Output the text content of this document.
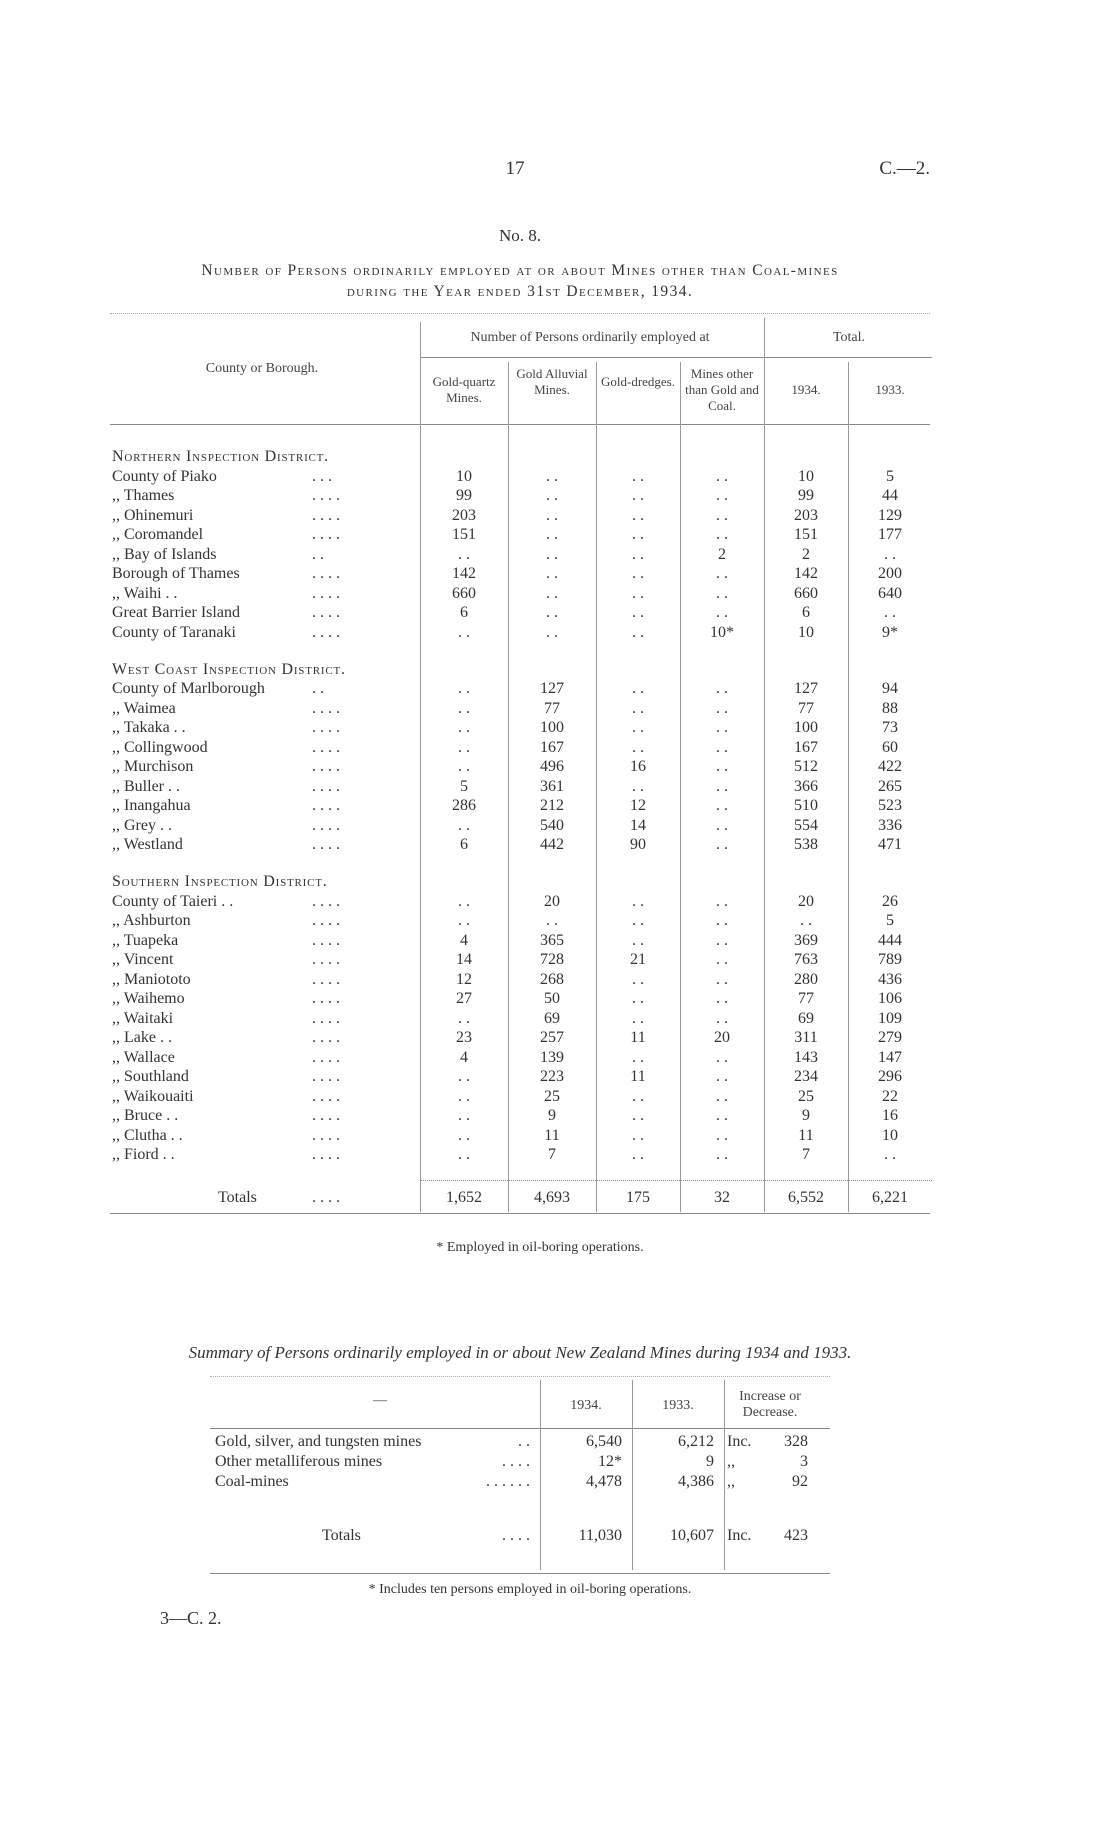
17	C.—2.
No. 8.
Number of Persons ordinarily employed at or about Mines other than Coal-mines
during the Year ended 31st December, 1934.
County or Borough.
Number of Persons ordinarily employed at	Total.
Gold-quartz Mines.
Gold Alluvial Mines.
Gold-dredges.
Mines other than Gold and Coal.
1934.	1933.
Northern Inspection District.
County of Piako	. . .	10	. .	. .	. .	10	5
,, Thames	. . . .	99	. .	. .	. .	99	44
,, Ohinemuri	. . . .	203	. .	. .	. .	203	129
,, Coromandel	. . . .	151	. .	. .	. .	151	177
,, Bay of Islands	. .	. .	. .	. .	2	2	. .
Borough of Thames	. . . .	142	. .	. .	. .	142	200
,, Waihi . .	. . . .	660	. .	. .	. .	660	640
Great Barrier Island	. . . .	6	. .	. .	. .	6	. .
County of Taranaki	. . . .	. .	. .	. .	10*	10	9*
West Coast Inspection District.
County of Marlborough	. .	. .	127	. .	. .	127	94
,, Waimea	. . . .	. .	77	. .	. .	77	88
,, Takaka . .	. . . .	. .	100	. .	. .	100	73
,, Collingwood	. . . .	. .	167	. .	. .	167	60
,, Murchison	. . . .	. .	496	16	. .	512	422
,, Buller . .	. . . .	5	361	. .	. .	366	265
,, Inangahua	. . . .	286	212	12	. .	510	523
,, Grey . .	. . . .	. .	540	14	. .	554	336
,, Westland	. . . .	6	442	90	. .	538	471
Southern Inspection District.
County of Taieri . .	. . . .	. .	20	. .	. .	20	26
,, Ashburton	. . . .	. .	. .	. .	. .	. .	5
,, Tuapeka	. . . .	4	365	. .	. .	369	444
,, Vincent	. . . .	14	728	21	. .	763	789
,, Maniototo	. . . .	12	268	. .	. .	280	436
,, Waihemo	. . . .	27	50	. .	. .	77	106
,, Waitaki	. . . .	. .	69	. .	. .	69	109
,, Lake . .	. . . .	23	257	11	20	311	279
,, Wallace	. . . .	4	139	. .	. .	143	147
,, Southland	. . . .	. .	223	11	. .	234	296
,, Waikouaiti	. . . .	. .	25	. .	. .	25	22
,, Bruce . .	. . . .	. .	9	. .	. .	9	16
,, Clutha . .	. . . .	. .	11	. .	. .	11	10
,, Fiord . .	. . . .	. .	7	. .	. .	7	. .
Totals	. . . .	1,652	4,693	175	32	6,552	6,221
* Employed in oil-boring operations.
Summary of Persons ordinarily employed in or about New Zealand Mines during 1934 and 1933.
—	1934.	1933.
Increase or Decrease.
Gold, silver, and tungsten mines	. .	6,540	6,212 Inc.	328
Other metalliferous mines	. . . .	12*	9 ,,	3
Coal-mines	. . . . . .	4,478	4,386 ,,	92
Totals	. . . .	11,030	10,607 Inc.	423
* Includes ten persons employed in oil-boring operations.
3—C. 2.
